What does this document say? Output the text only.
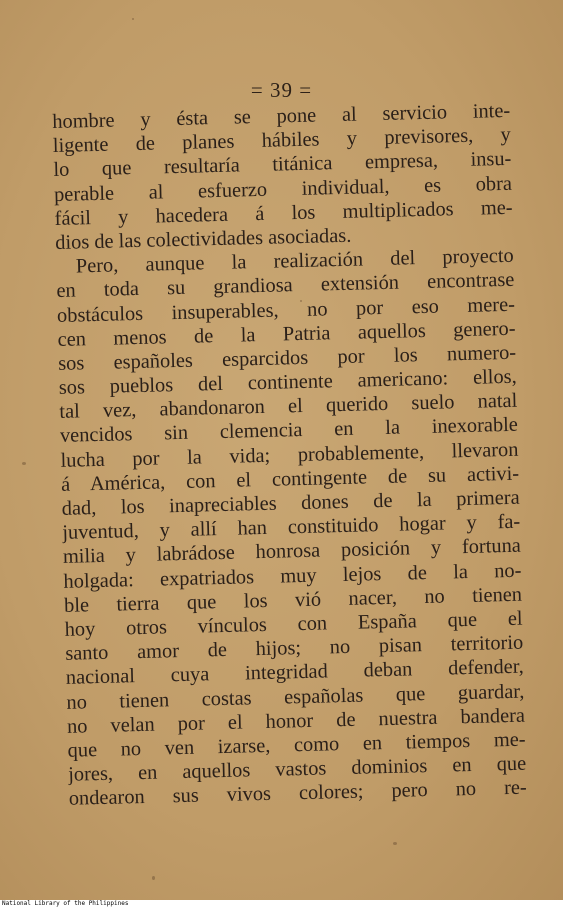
= 39 =
hombre y ésta se pone al servicio inte-
ligente de planes hábiles y previsores, y
lo que resultaría titánica empresa, insu-
perable al esfuerzo individual, es obra
fácil y hacedera á los multiplicados me-
dios de las colectividades asociadas.
Pero, aunque la realización del proyecto
en toda su grandiosa extensión encontrase
obstáculos insuperables, no por eso mere-
cen menos de la Patria aquellos genero-
sos españoles esparcidos por los numero-
sos pueblos del continente americano: ellos,
tal vez, abandonaron el querido suelo natal
vencidos sin clemencia en la inexorable
lucha por la vida; probablemente, llevaron
á América, con el contingente de su activi-
dad, los inapreciables dones de la primera
juventud, y allí han constituido hogar y fa-
milia y labrádose honrosa posición y fortuna
holgada: expatriados muy lejos de la no-
ble tierra que los vió nacer, no tienen
hoy otros vínculos con España que el
santo amor de hijos; no pisan territorio
nacional cuya integridad deban defender,
no tienen costas españolas que guardar,
no velan por el honor de nuestra bandera
que no ven izarse, como en tiempos me-
jores, en aquellos vastos dominios en que
ondearon sus vivos colores; pero no re-
National Library of the Philippines
